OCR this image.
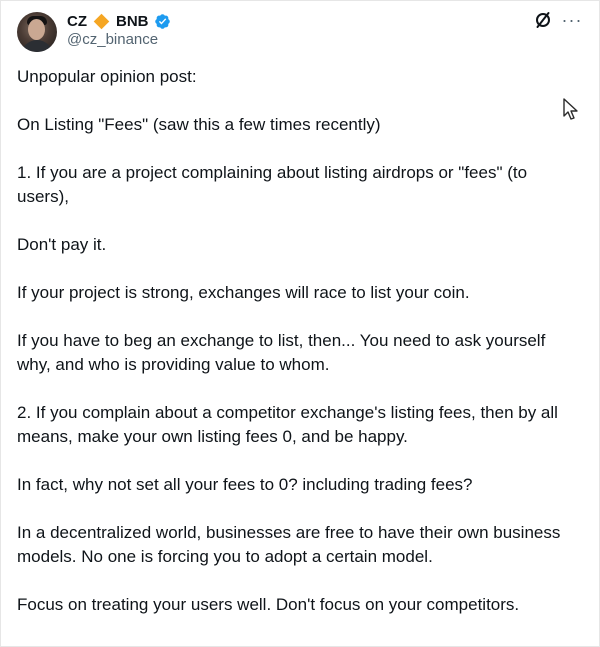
CZ BNB
@cz_binance
···

Unpopular opinion post:

On Listing "Fees" (saw this a few times recently)

1. If you are a project complaining about listing airdrops or "fees" (to users),

Don't pay it.

If your project is strong, exchanges will race to list your coin.

If you have to beg an exchange to list, then... You need to ask yourself why, and who is providing value to whom.

2. If you complain about a competitor exchange's listing fees, then by all means, make your own listing fees 0, and be happy.

In fact, why not set all your fees to 0? including trading fees?

In a decentralized world, businesses are free to have their own business models. No one is forcing you to adopt a certain model.

Focus on treating your users well. Don't focus on your competitors.
